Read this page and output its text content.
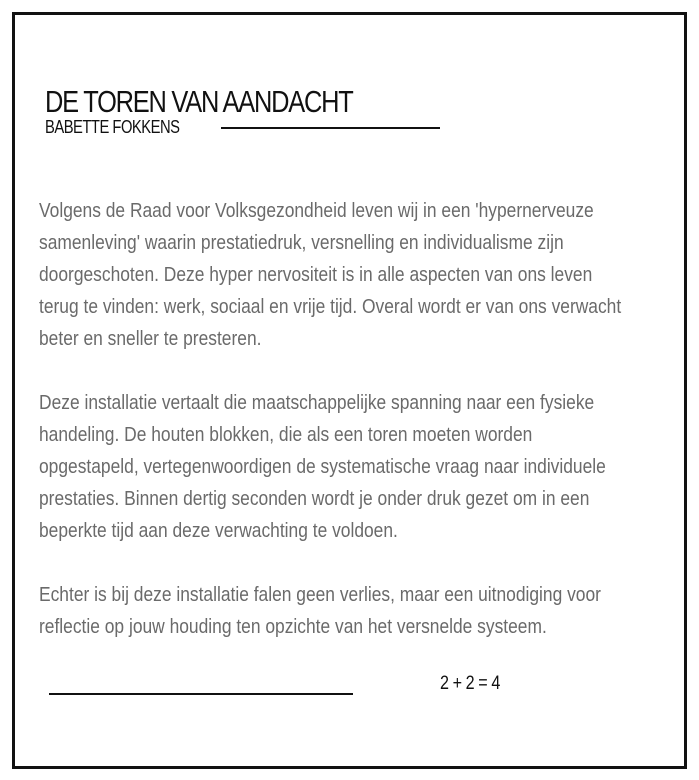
DE TOREN VAN AANDACHT
BABETTE FOKKENS

Volgens de Raad voor Volksgezondheid leven wij in een 'hypernerveuze
samenleving' waarin prestatiedruk, versnelling en individualisme zijn
doorgeschoten. Deze hyper nervositeit is in alle aspecten van ons leven
terug te vinden: werk, sociaal en vrije tijd. Overal wordt er van ons verwacht
beter en sneller te presteren.

Deze installatie vertaalt die maatschappelijke spanning naar een fysieke
handeling. De houten blokken, die als een toren moeten worden
opgestapeld, vertegenwoordigen de systematische vraag naar individuele
prestaties. Binnen dertig seconden wordt je onder druk gezet om in een
beperkte tijd aan deze verwachting te voldoen.

Echter is bij deze installatie falen geen verlies, maar een uitnodiging voor
reflectie op jouw houding ten opzichte van het versnelde systeem.

2 + 2 = 4
